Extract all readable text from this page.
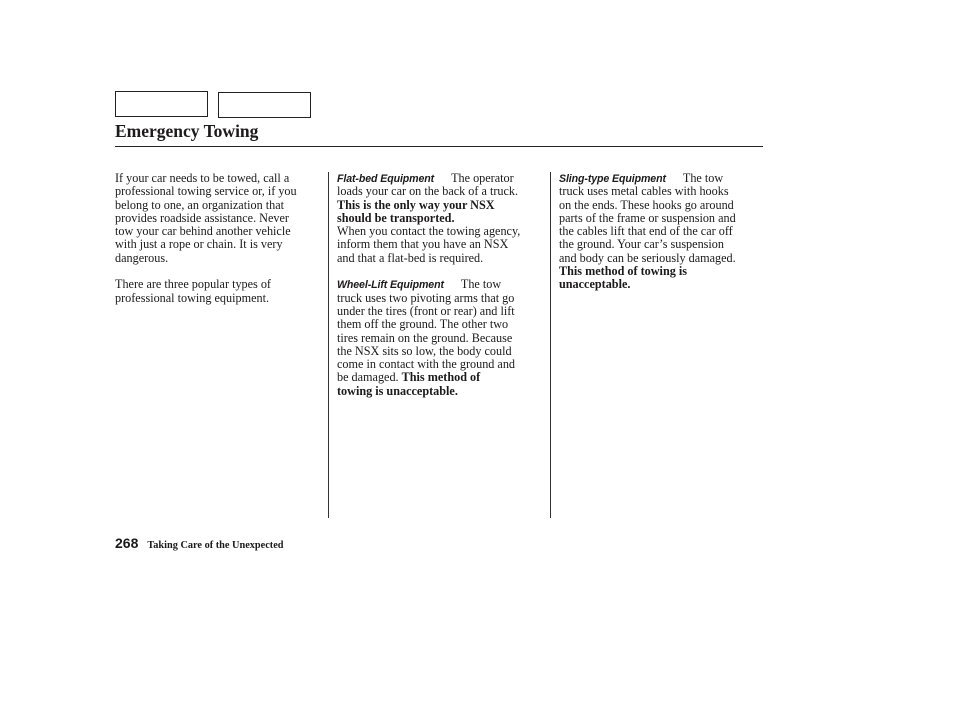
Emergency Towing
If your car needs to be towed, call a
professional towing service or, if you
belong to one, an organization that
provides roadside assistance. Never
tow your car behind another vehicle
with just a rope or chain. It is very
dangerous.
There are three popular types of
professional towing equipment.
Flat-bed Equipment The operator
loads your car on the back of a truck.
This is the only way your NSX
should be transported.
When you contact the towing agency,
inform them that you have an NSX
and that a flat-bed is required.
Wheel-Lift Equipment The tow
truck uses two pivoting arms that go
under the tires (front or rear) and lift
them off the ground. The other two
tires remain on the ground. Because
the NSX sits so low, the body could
come in contact with the ground and
be damaged. This method of
towing is unacceptable.
Sling-type Equipment The tow
truck uses metal cables with hooks
on the ends. These hooks go around
parts of the frame or suspension and
the cables lift that end of the car off
the ground. Your car’s suspension
and body can be seriously damaged.
This method of towing is
unacceptable.
268 Taking Care of the Unexpected
